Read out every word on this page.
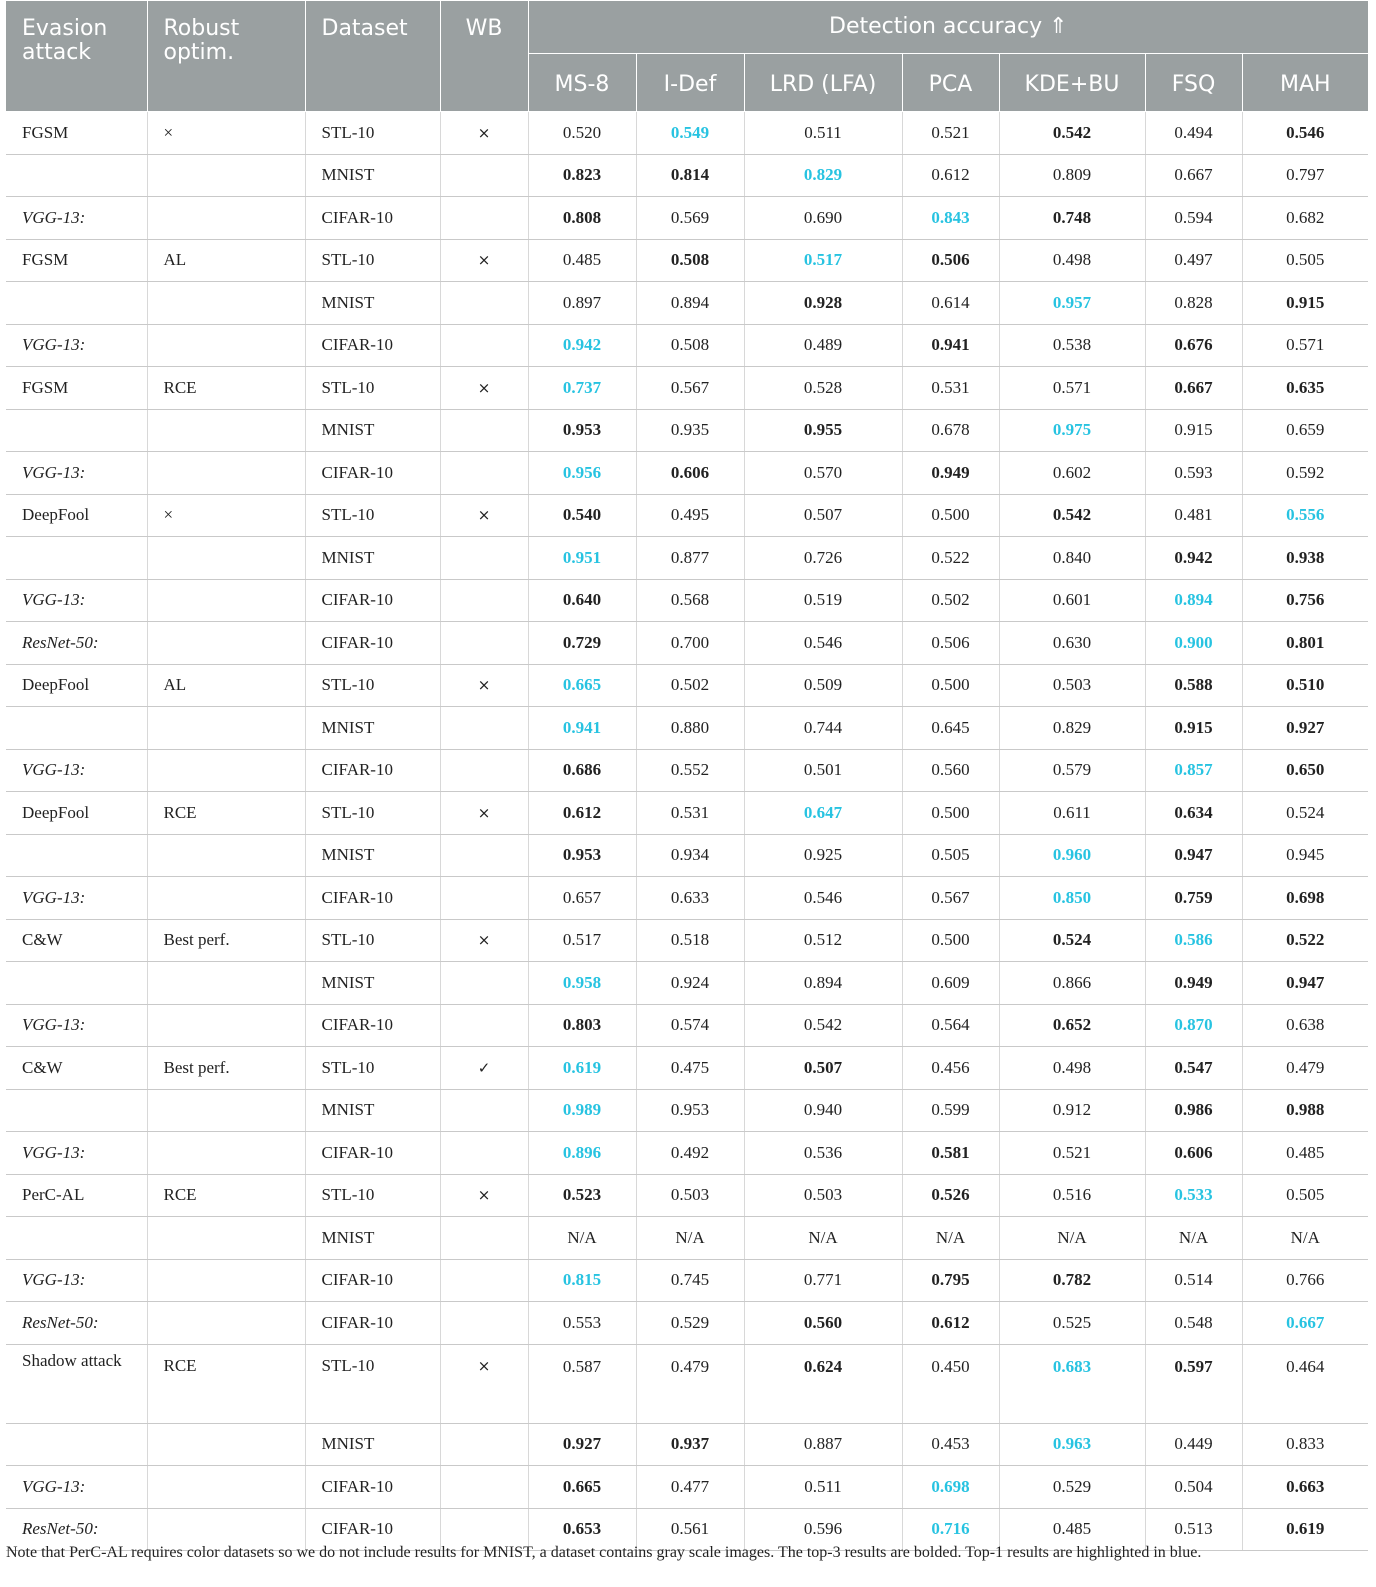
Evasion attack	Robust optim.	Dataset	WB	Detection accuracy ⇑						
				MS-8	I-Def	LRD (LFA)	PCA	KDE+BU	FSQ	MAH
FGSM	×	STL-10	×	0.520	0.549	0.511	0.521	0.542	0.494	0.546
		MNIST		0.823	0.814	0.829	0.612	0.809	0.667	0.797
VGG-13:		CIFAR-10		0.808	0.569	0.690	0.843	0.748	0.594	0.682
FGSM	AL	STL-10	×	0.485	0.508	0.517	0.506	0.498	0.497	0.505
		MNIST		0.897	0.894	0.928	0.614	0.957	0.828	0.915
VGG-13:		CIFAR-10		0.942	0.508	0.489	0.941	0.538	0.676	0.571
FGSM	RCE	STL-10	×	0.737	0.567	0.528	0.531	0.571	0.667	0.635
		MNIST		0.953	0.935	0.955	0.678	0.975	0.915	0.659
VGG-13:		CIFAR-10		0.956	0.606	0.570	0.949	0.602	0.593	0.592
DeepFool	×	STL-10	×	0.540	0.495	0.507	0.500	0.542	0.481	0.556
		MNIST		0.951	0.877	0.726	0.522	0.840	0.942	0.938
VGG-13:		CIFAR-10		0.640	0.568	0.519	0.502	0.601	0.894	0.756
ResNet-50:		CIFAR-10		0.729	0.700	0.546	0.506	0.630	0.900	0.801
DeepFool	AL	STL-10	×	0.665	0.502	0.509	0.500	0.503	0.588	0.510
		MNIST		0.941	0.880	0.744	0.645	0.829	0.915	0.927
VGG-13:		CIFAR-10		0.686	0.552	0.501	0.560	0.579	0.857	0.650
DeepFool	RCE	STL-10	×	0.612	0.531	0.647	0.500	0.611	0.634	0.524
		MNIST		0.953	0.934	0.925	0.505	0.960	0.947	0.945
VGG-13:		CIFAR-10		0.657	0.633	0.546	0.567	0.850	0.759	0.698
C&W	Best perf.	STL-10	×	0.517	0.518	0.512	0.500	0.524	0.586	0.522
		MNIST		0.958	0.924	0.894	0.609	0.866	0.949	0.947
VGG-13:		CIFAR-10		0.803	0.574	0.542	0.564	0.652	0.870	0.638
C&W	Best perf.	STL-10	✓	0.619	0.475	0.507	0.456	0.498	0.547	0.479
		MNIST		0.989	0.953	0.940	0.599	0.912	0.986	0.988
VGG-13:		CIFAR-10		0.896	0.492	0.536	0.581	0.521	0.606	0.485
PerC-AL	RCE	STL-10	×	0.523	0.503	0.503	0.526	0.516	0.533	0.505
		MNIST		N/A	N/A	N/A	N/A	N/A	N/A	N/A
VGG-13:		CIFAR-10		0.815	0.745	0.771	0.795	0.782	0.514	0.766
ResNet-50:		CIFAR-10		0.553	0.529	0.560	0.612	0.525	0.548	0.667
Shadow attack	RCE	STL-10	×	0.587	0.479	0.624	0.450	0.683	0.597	0.464
		MNIST		0.927	0.937	0.887	0.453	0.963	0.449	0.833
VGG-13:		CIFAR-10		0.665	0.477	0.511	0.698	0.529	0.504	0.663
ResNet-50:		CIFAR-10		0.653	0.561	0.596	0.716	0.485	0.513	0.619
Note that PerC-AL requires color datasets so we do not include results for MNIST, a dataset contains gray scale images. The top-3 results are bolded. Top-1 results are highlighted in blue.
